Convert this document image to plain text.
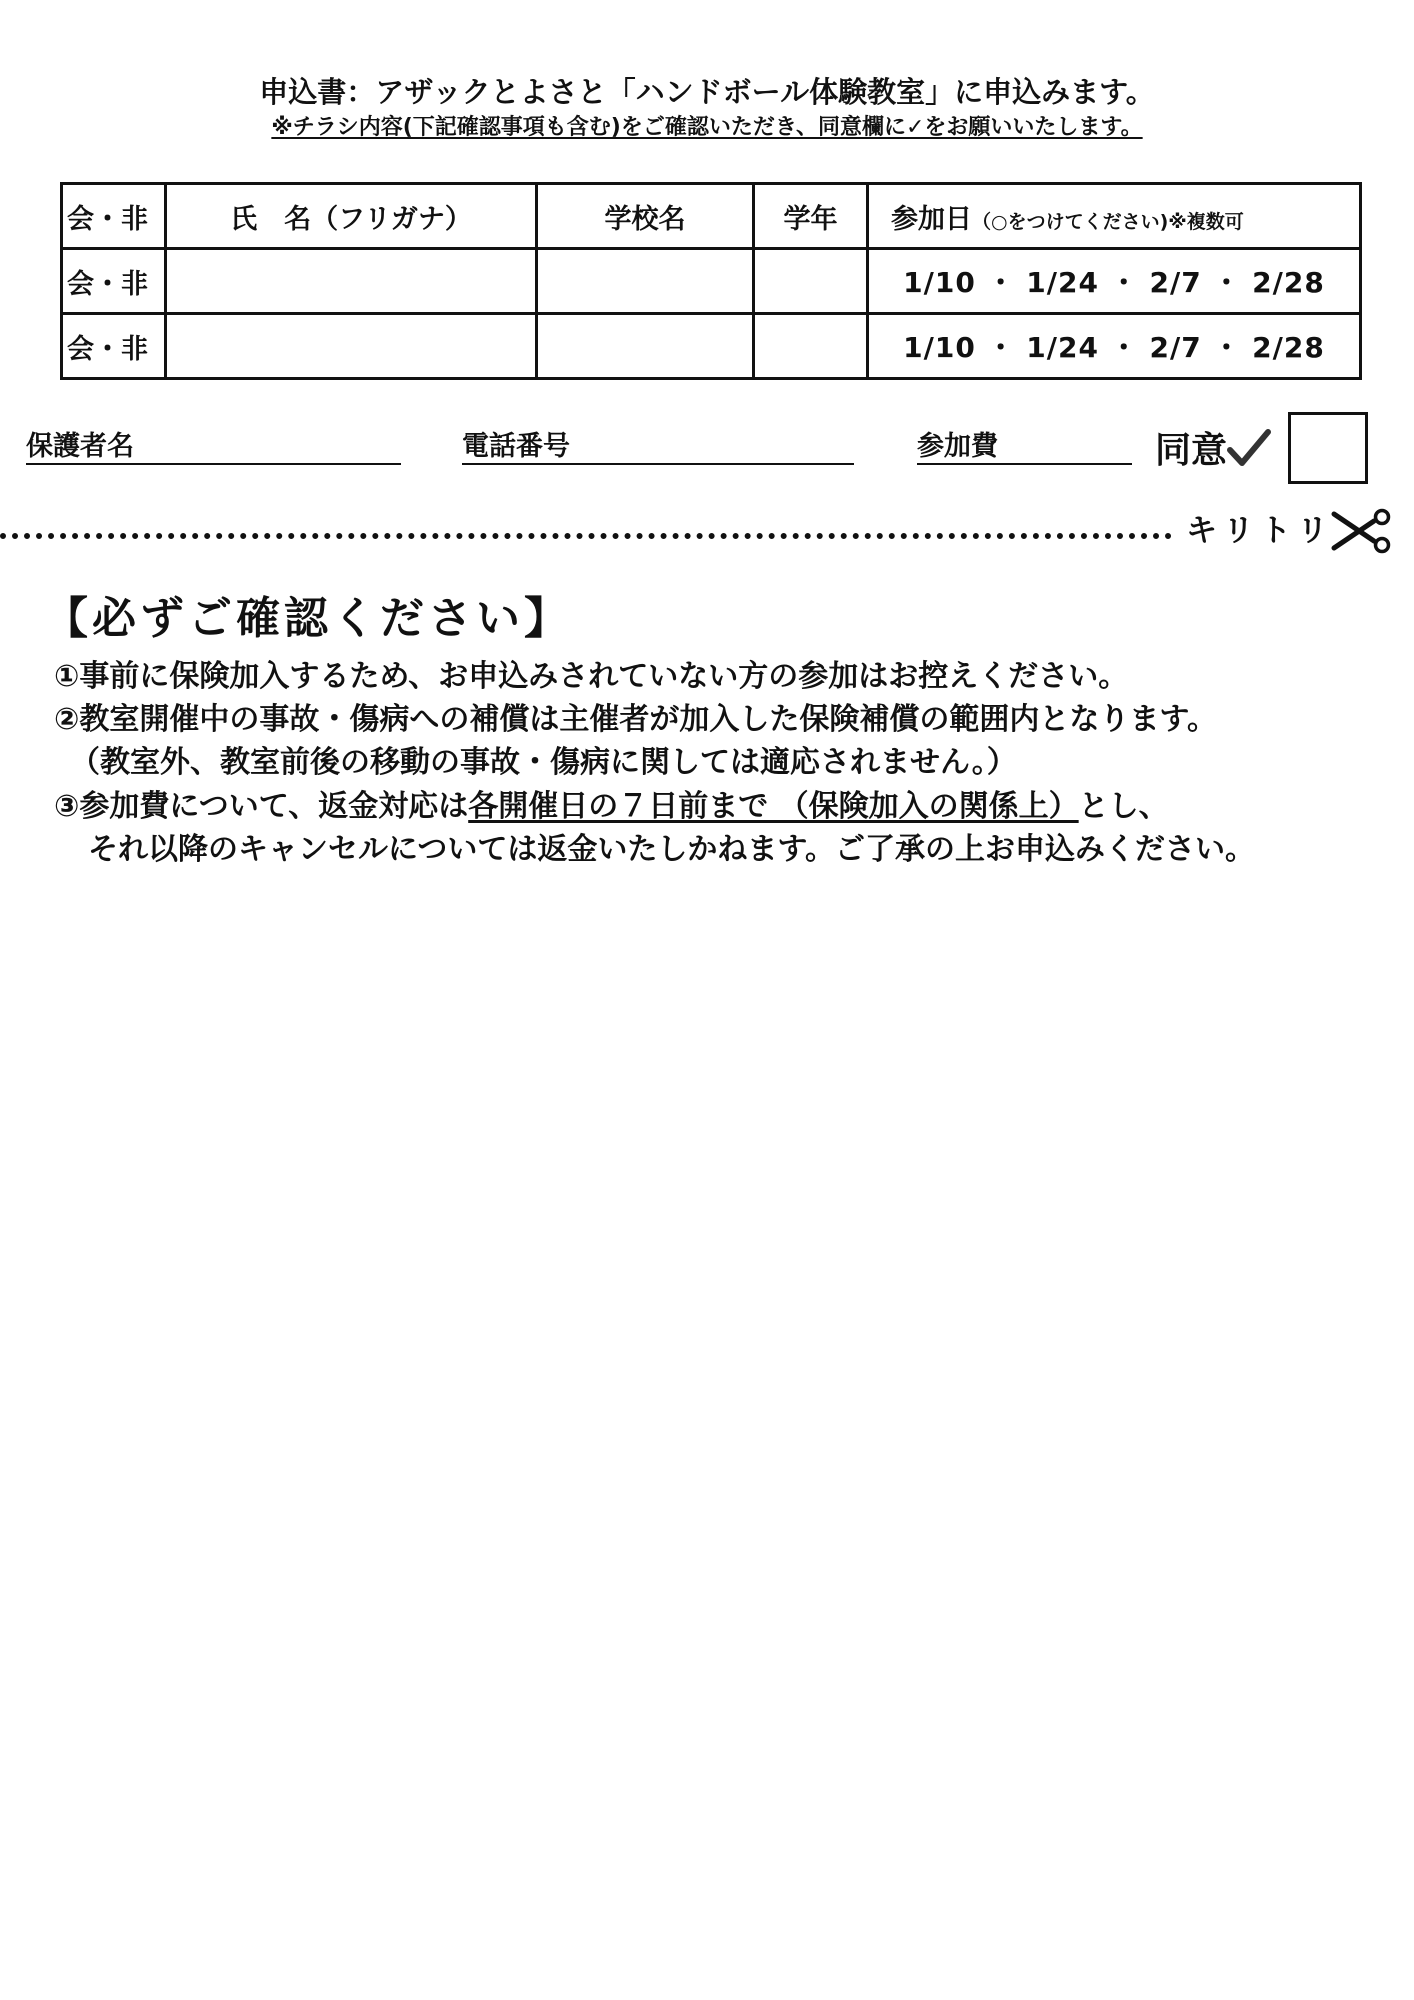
申込書：アザックとよさと「ハンドボール体験教室」に申込みます。
※チラシ内容(下記確認事項も含む)をご確認いただき、同意欄に✓をお願いいたします。
会・非	氏　名（フリガナ）	学校名	学年	参加日（○をつけてください)※複数可
会・非				1/10 ・ 1/24 ・ 2/7 ・ 2/28
会・非				1/10 ・ 1/24 ・ 2/7 ・ 2/28
保護者名	電話番号	参加費	同意
キリトリ
【必ずご確認ください】
①事前に保険加入するため、お申込みされていない方の参加はお控えください。
②教室開催中の事故・傷病への補償は主催者が加入した保険補償の範囲内となります。
（教室外、教室前後の移動の事故・傷病に関しては適応されません。）
③参加費について、返金対応は各開催日の７日前まで （保険加入の関係上）とし、
それ以降のキャンセルについては返金いたしかねます。ご了承の上お申込みください。
